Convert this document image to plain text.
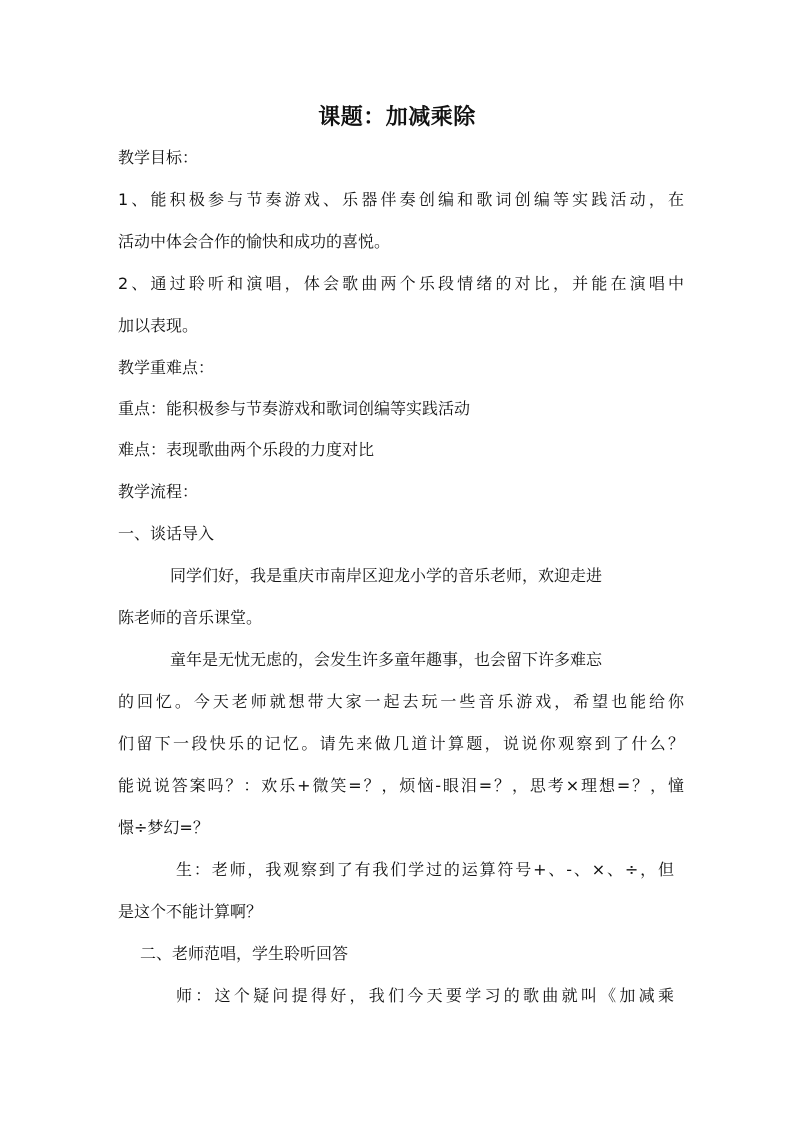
课题：加减乘除
教学目标：
1、能积极参与节奏游戏、乐器伴奏创编和歌词创编等实践活动，在
活动中体会合作的愉快和成功的喜悦。
2、通过聆听和演唱，体会歌曲两个乐段情绪的对比，并能在演唱中
加以表现。
教学重难点：
重点：能积极参与节奏游戏和歌词创编等实践活动
难点：表现歌曲两个乐段的力度对比
教学流程：
一、谈话导入
同学们好，我是重庆市南岸区迎龙小学的音乐老师，欢迎走进
陈老师的音乐课堂。
童年是无忧无虑的，会发生许多童年趣事，也会留下许多难忘
的回忆。今天老师就想带大家一起去玩一些音乐游戏，希望也能给你
们留下一段快乐的记忆。请先来做几道计算题，说说你观察到了什么？
能说说答案吗？：欢乐+微笑=？，烦恼-眼泪=？，思考×理想=？，憧
憬÷梦幻=？
生：老师，我观察到了有我们学过的运算符号+、-、×、÷，但
是这个不能计算啊？
二、老师范唱，学生聆听回答
师：这个疑问提得好，我们今天要学习的歌曲就叫《加减乘
